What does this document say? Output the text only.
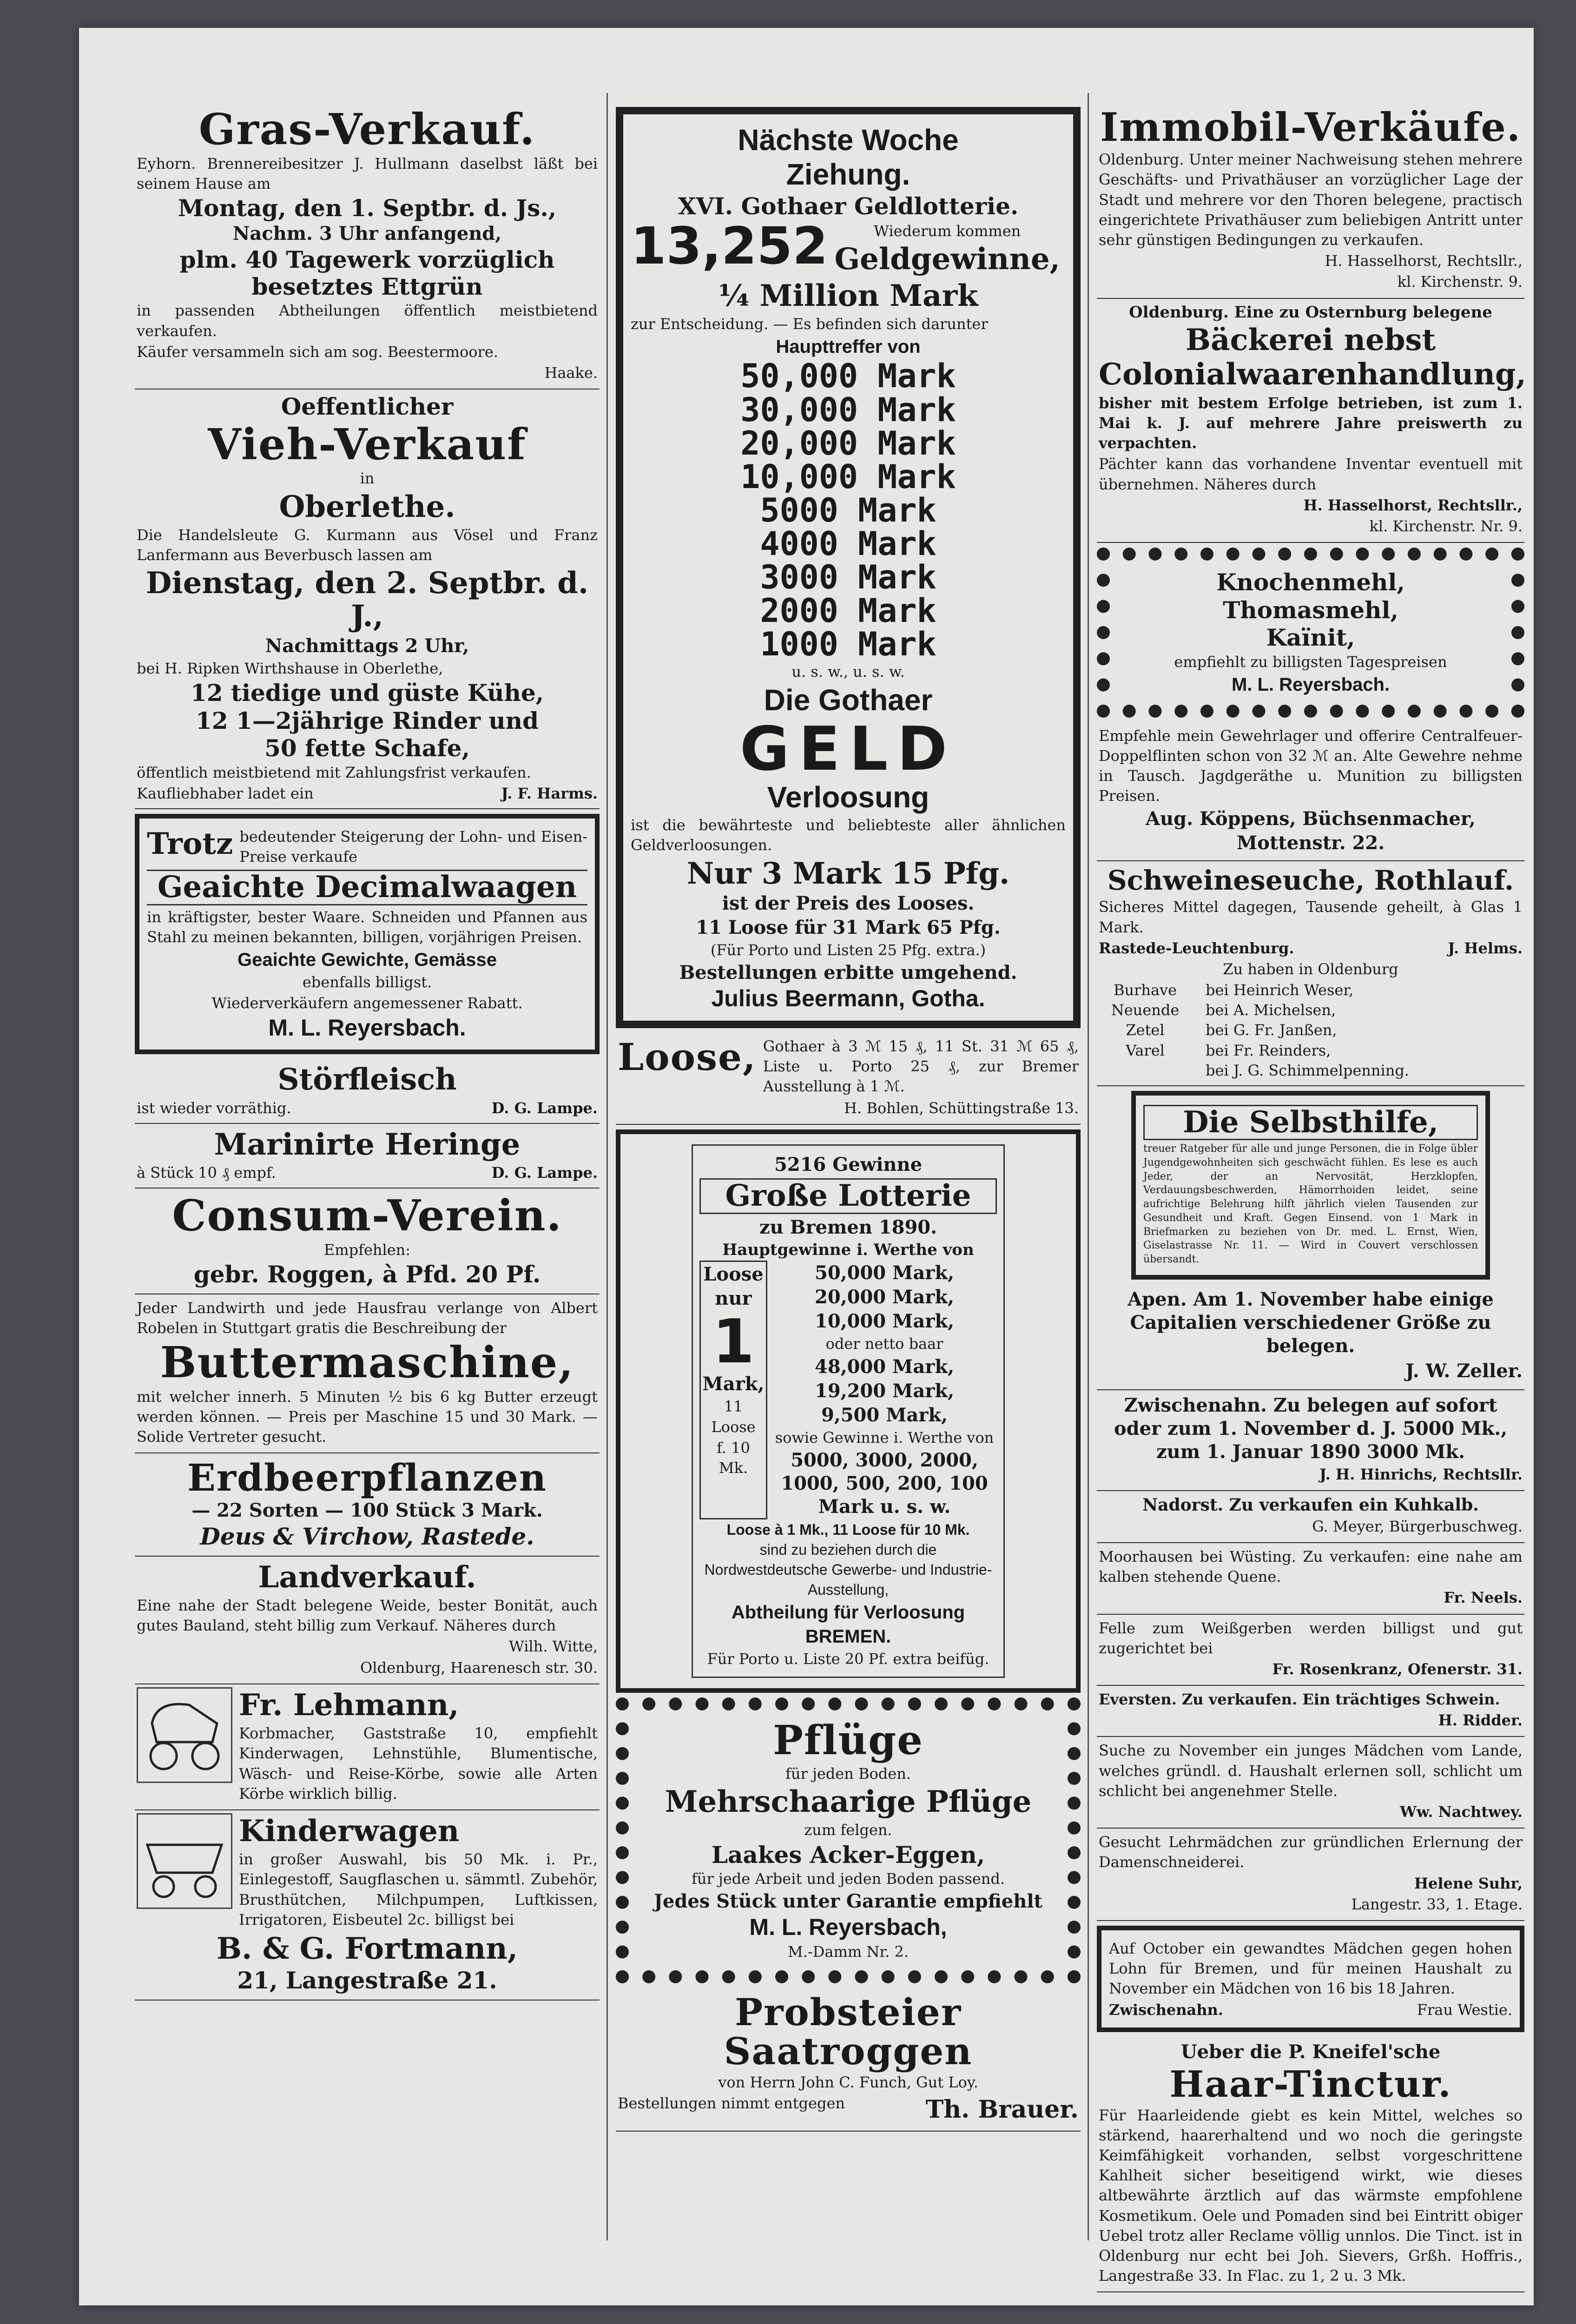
Gras-Verkauf.
Eyhorn. Brennereibesitzer J. Hullmann daselbst läßt bei seinem Hause am
Montag, den 1. Septbr. d. Js.,
Nachm. 3 Uhr anfangend,
plm. 40 Tagewerk vorzüglich besetztes Ettgrün
in passenden Abtheilungen öffentlich meistbietend verkaufen.
Käufer versammeln sich am sog. Beestermoore.
Haake.
Oeffentlicher
Vieh-Verkauf
in
Oberlethe.
Die Handelsleute G. Kurmann aus Vösel und Franz Lanfermann aus Beverbusch lassen am
Dienstag, den 2. Septbr. d. J.,
Nachmittags 2 Uhr,
bei H. Ripken Wirthshause in Oberlethe,
12 tiedige und güste Kühe,
12 1—2jährige Rinder und
50 fette Schafe,
öffentlich meistbietend mit Zahlungsfrist verkaufen.
Kaufliebhaber ladet ein	J. F. Harms.
Trotz bedeutender Steigerung der Lohn- und Eisen-Preise verkaufe
Geaichte Decimalwaagen
in kräftigster, bester Waare. Schneiden und Pfannen aus Stahl zu meinen bekannten, billigen, vorjährigen Preisen.
Geaichte Gewichte, Gemässe
ebenfalls billigst.
Wiederverkäufern angemessener Rabatt.
M. L. Reyersbach.
Störfleisch
ist wieder vorräthig.	D. G. Lampe.
Marinirte Heringe
à Stück 10 ₰ empf.	D. G. Lampe.
Consum-Verein.
Empfehlen:
gebr. Roggen, à Pfd. 20 Pf.
Jeder Landwirth und jede Hausfrau verlange von Albert Robelen in Stuttgart gratis die Beschreibung der
Buttermaschine,
mit welcher innerh. 5 Minuten ½ bis 6 kg Butter erzeugt werden können. — Preis per Maschine 15 und 30 Mark. — Solide Vertreter gesucht.
Erdbeerpflanzen
— 22 Sorten — 100 Stück 3 Mark.
Deus & Virchow, Rastede.
Landverkauf.
Eine nahe der Stadt belegene Weide, bester Bonität, auch gutes Bauland, steht billig zum Verkauf. Näheres durch
Wilh. Witte,
Oldenburg, Haarenesch str. 30.
Fr. Lehmann,
Korbmacher, Gaststraße 10, empfiehlt Kinderwagen, Lehnstühle, Blumentische, Wäsch- und Reise-Körbe, sowie alle Arten Körbe wirklich billig.
Kinderwagen
in großer Auswahl, bis 50 Mk. i. Pr., Einlegestoff, Saugflaschen u. sämmtl. Zubehör, Brusthütchen, Milchpumpen, Luftkissen, Irrigatoren, Eisbeutel 2c. billigst bei
B. & G. Fortmann,
21, Langestraße 21.
Nächste Woche
Ziehung.
XVI. Gothaer Geldlotterie.
13,252	Wiederum kommen
Geldgewinne,
¼ Million Mark
zur Entscheidung. — Es befinden sich darunter
Haupttreffer von
50,000 Mark
30,000 Mark
20,000 Mark
10,000 Mark
5000 Mark
4000 Mark
3000 Mark
2000 Mark
1000 Mark
u. s. w., u. s. w.
Die Gothaer
GELD
Verloosung
ist die bewährteste und beliebteste aller ähnlichen Geldverloosungen.
Nur 3 Mark 15 Pfg.
ist der Preis des Looses.
11 Loose für 31 Mark 65 Pfg.
(Für Porto und Listen 25 Pfg. extra.)
Bestellungen erbitte umgehend.
Julius Beermann, Gotha.
Loose, Gothaer à 3 ℳ 15 ₰, 11 St. 31 ℳ 65 ₰, Liste u. Porto 25 ₰, zur Bremer Ausstellung à 1 ℳ.
H. Bohlen, Schüttingstraße 13.
5216 Gewinne
Große Lotterie
zu Bremen 1890.
Hauptgewinne i. Werthe von
Loose
nur
1
Mark,
11 Loose
f. 10 Mk.
50,000 Mark,
20,000 Mark,
10,000 Mark,
oder netto baar
48,000 Mark,
19,200 Mark,
9,500 Mark,
sowie Gewinne i. Werthe von
5000, 3000, 2000, 1000, 500, 200, 100 Mark u. s. w.
Loose à 1 Mk., 11 Loose für 10 Mk.
sind zu beziehen durch die Nordwestdeutsche Gewerbe- und Industrie-Ausstellung,
Abtheilung für Verloosung
BREMEN.
Für Porto u. Liste 20 Pf. extra beifüg.
Pflüge
für jeden Boden.
Mehrschaarige Pflüge
zum felgen.
Laakes Acker-Eggen,
für jede Arbeit und jeden Boden passend.
Jedes Stück unter Garantie empfiehlt
M. L. Reyersbach,
M.-Damm Nr. 2.
Probsteier Saatroggen
von Herrn John C. Funch, Gut Loy.
Bestellungen nimmt entgegen	Th. Brauer.
Immobil-Verkäufe.
Oldenburg. Unter meiner Nachweisung stehen mehrere Geschäfts- und Privathäuser an vorzüglicher Lage der Stadt und mehrere vor den Thoren belegene, practisch eingerichtete Privathäuser zum beliebigen Antritt unter sehr günstigen Bedingungen zu verkaufen.
H. Hasselhorst, Rechtsllr.,
kl. Kirchenstr. 9.
Oldenburg. Eine zu Osternburg belegene
Bäckerei nebst
Colonialwaarenhandlung,
bisher mit bestem Erfolge betrieben, ist zum 1. Mai k. J. auf mehrere Jahre preiswerth zu verpachten.
Pächter kann das vorhandene Inventar eventuell mit übernehmen. Näheres durch
H. Hasselhorst, Rechtsllr.,
kl. Kirchenstr. Nr. 9.
Knochenmehl,
Thomasmehl,
Kaïnit,
empfiehlt zu billigsten Tagespreisen
M. L. Reyersbach.
Empfehle mein Gewehrlager und offerire Centralfeuer-Doppelflinten schon von 32 ℳ an. Alte Gewehre nehme in Tausch. Jagdgeräthe u. Munition zu billigsten Preisen.
Aug. Köppens, Büchsenmacher,
Mottenstr. 22.
Schweineseuche, Rothlauf.
Sicheres Mittel dagegen, Tausende geheilt, à Glas 1 Mark.
Rastede-Leuchtenburg.	J. Helms.
Zu haben in Oldenburg
Burhave	bei Heinrich Weser,
Neuende	bei A. Michelsen,
Zetel	bei G. Fr. Janßen,
Varel	bei Fr. Reinders,
bei J. G. Schimmelpenning.
Die Selbsthilfe,
treuer Ratgeber für alle und junge Personen, die in Folge übler Jugendgewohnheiten sich geschwächt fühlen. Es lese es auch Jeder, der an Nervosität, Herzklopfen, Verdauungsbeschwerden, Hämorrhoiden leidet, seine aufrichtige Belehrung hilft jährlich vielen Tausenden zur Gesundheit und Kraft. Gegen Einsend. von 1 Mark in Briefmarken zu beziehen von Dr. med. L. Ernst, Wien, Giselastrasse Nr. 11. — Wird in Couvert verschlossen übersandt.
Apen. Am 1. November habe einige Capitalien verschiedener Größe zu belegen.
J. W. Zeller.
Zwischenahn. Zu belegen auf sofort oder zum 1. November d. J. 5000 Mk., zum 1. Januar 1890 3000 Mk.
J. H. Hinrichs, Rechtsllr.
Nadorst. Zu verkaufen ein Kuhkalb.
G. Meyer, Bürgerbuschweg.
Moorhausen bei Wüsting. Zu verkaufen: eine nahe am kalben stehende Quene.
Fr. Neels.
Felle zum Weißgerben werden billigst und gut zugerichtet bei
Fr. Rosenkranz, Ofenerstr. 31.
Eversten. Zu verkaufen. Ein trächtiges Schwein.
H. Ridder.
Suche zu November ein junges Mädchen vom Lande, welches gründl. d. Haushalt erlernen soll, schlicht um schlicht bei angenehmer Stelle.
Ww. Nachtwey.
Gesucht Lehrmädchen zur gründlichen Erlernung der Damenschneiderei.
Helene Suhr,
Langestr. 33, 1. Etage.
Auf October ein gewandtes Mädchen gegen hohen Lohn für Bremen, und für meinen Haushalt zu November ein Mädchen von 16 bis 18 Jahren.
Zwischenahn.	Frau Westie.
Ueber die P. Kneifel'sche
Haar-Tinctur.
Für Haarleidende giebt es kein Mittel, welches so stärkend, haarerhaltend und wo noch die geringste Keimfähigkeit vorhanden, selbst vorgeschrittene Kahlheit sicher beseitigend wirkt, wie dieses altbewährte ärztlich auf das wärmste empfohlene Kosmetikum. Oele und Pomaden sind bei Eintritt obiger Uebel trotz aller Reclame völlig unnlos. Die Tinct. ist in Oldenburg nur echt bei Joh. Sievers, Grßh. Hoffris., Langestraße 33. In Flac. zu 1, 2 u. 3 Mk.
